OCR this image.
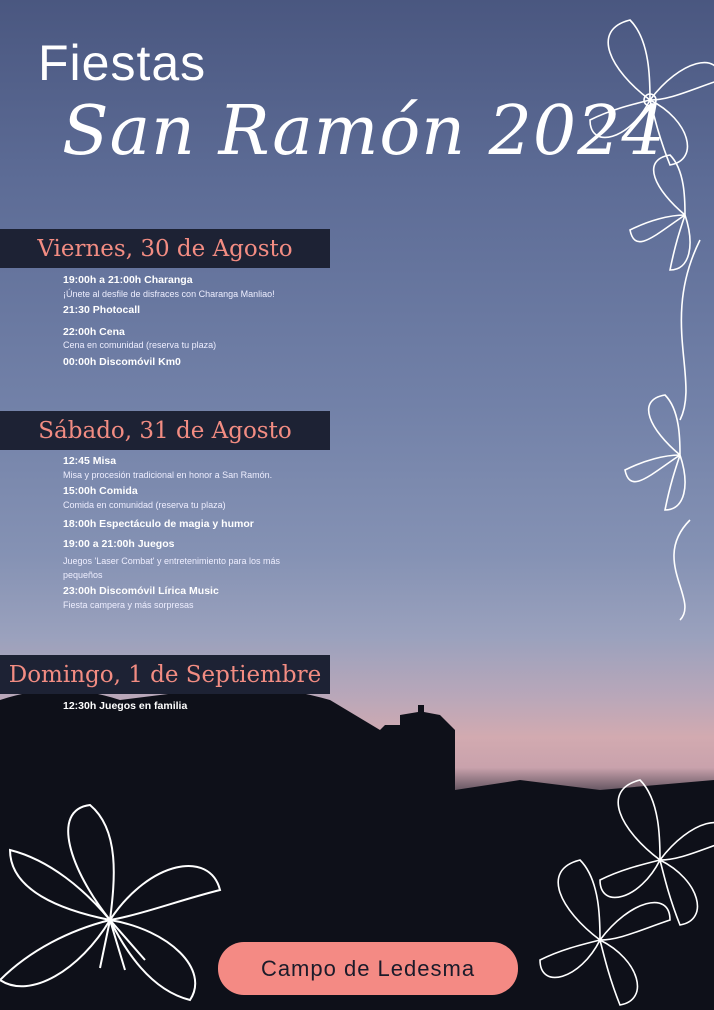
Fiestas
San Ramón 2024
Viernes, 30 de Agosto
19:00h a 21:00h Charanga
¡Únete al desfile de disfraces con Charanga Manliao!
21:30 Photocall
22:00h Cena
Cena en comunidad (reserva tu plaza)
00:00h Discomóvil Km0
Sábado, 31 de Agosto
12:45 Misa
Misa y procesión tradicional en honor a San Ramón.
15:00h Comida
Comida en comunidad (reserva tu plaza)
18:00h Espectáculo de magia y humor
19:00 a 21:00h Juegos
Juegos 'Laser Combat' y entretenimiento para los más pequeños
23:00h Discomóvil Lírica Music
Fiesta campera y más sorpresas
Domingo, 1 de Septiembre
12:30h Juegos en familia
Campo de Ledesma
